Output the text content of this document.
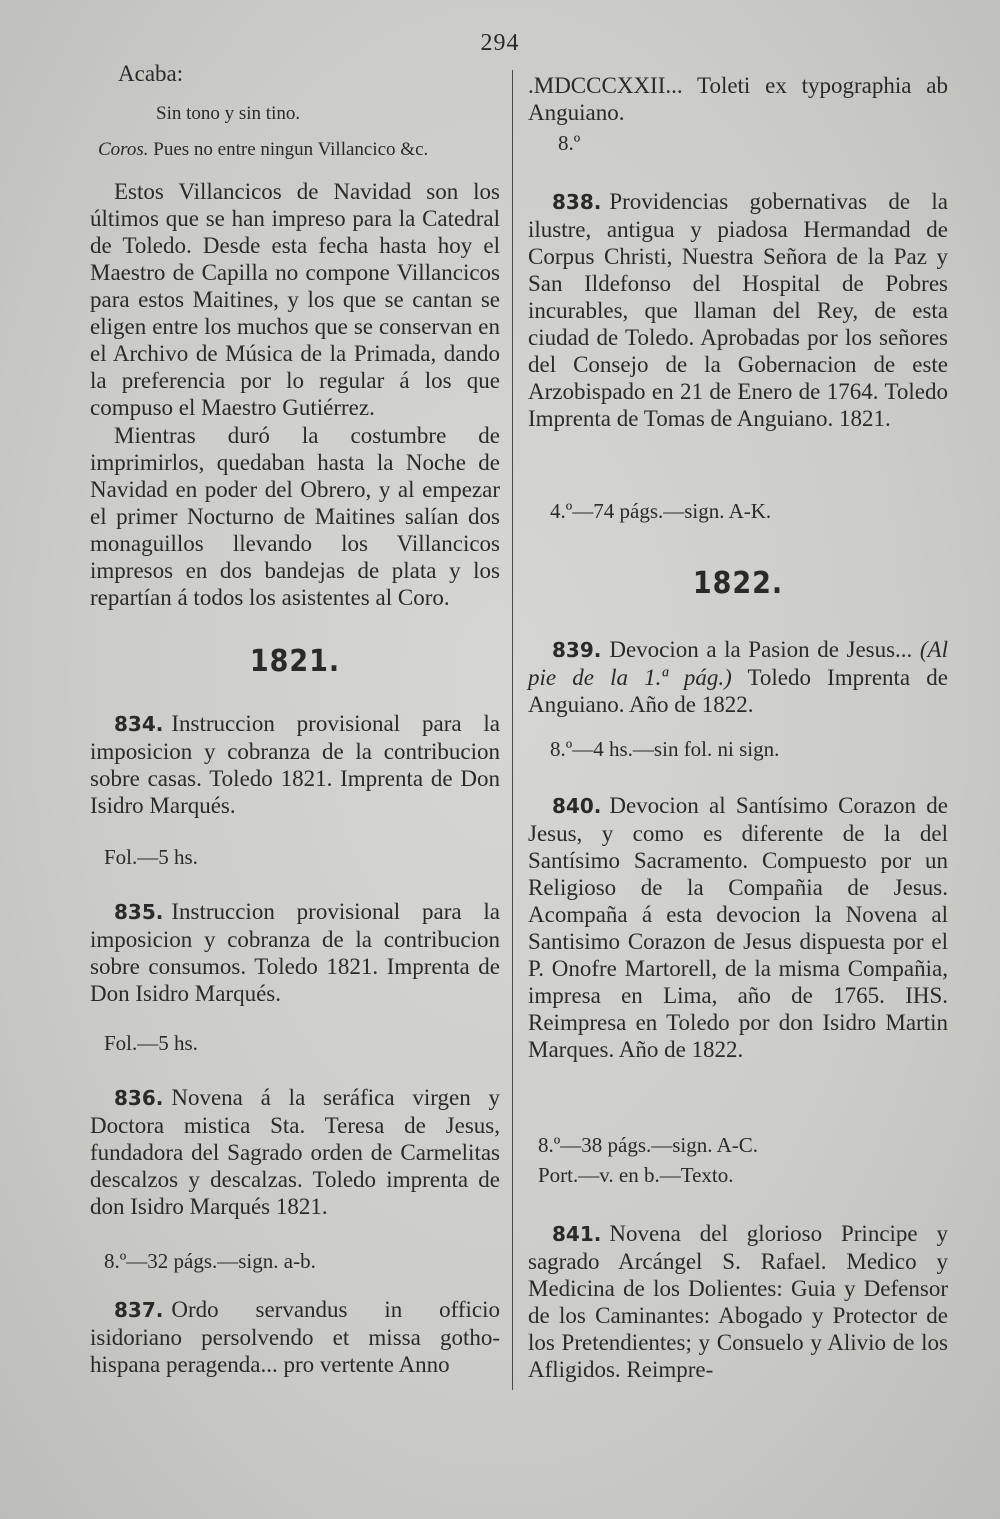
294
Acaba:
Sin tono y sin tino.
Coros. Pues no entre ningun Villancico &c.
Estos Villancicos de Navidad son los últimos que se han impreso para la Catedral de Toledo. Desde esta fecha hasta hoy el Maestro de Capilla no compone Villancicos para estos Maitines, y los que se cantan se eligen entre los muchos que se conservan en el Archivo de Música de la Primada, dando la preferencia por lo regular á los que compuso el Maestro Gutiérrez.
Mientras duró la costumbre de imprimirlos, quedaban hasta la Noche de Navidad en poder del Obrero, y al empezar el primer Nocturno de Maitines salían dos monaguillos llevando los Villancicos impresos en dos bandejas de plata y los repartían á todos los asistentes al Coro.
1821.
834. Instruccion provisional para la imposicion y cobranza de la contribucion sobre casas. Toledo 1821. Imprenta de Don Isidro Marqués.
Fol.—5 hs.
835. Instruccion provisional para la imposicion y cobranza de la contribucion sobre consumos. Toledo 1821. Imprenta de Don Isidro Marqués.
Fol.—5 hs.
836. Novena á la seráfica virgen y Doctora mistica Sta. Teresa de Jesus, fundadora del Sagrado orden de Carmelitas descalzos y descalzas. Toledo imprenta de don Isidro Marqués 1821.
8.º—32 págs.—sign. a-b.
837. Ordo servandus in officio isidoriano persolvendo et missa gotho-hispana peragenda... pro vertente Anno
.MDCCCXXII... Toleti ex typographia ab Anguiano.
8.º
838. Providencias gobernativas de la ilustre, antigua y piadosa Hermandad de Corpus Christi, Nuestra Señora de la Paz y San Ildefonso del Hospital de Pobres incurables, que llaman del Rey, de esta ciudad de Toledo. Aprobadas por los señores del Consejo de la Gobernacion de este Arzobispado en 21 de Enero de 1764. Toledo Imprenta de Tomas de Anguiano. 1821.
4.º—74 págs.—sign. A-K.
1822.
839. Devocion a la Pasion de Jesus... (Al pie de la 1.ª pág.) Toledo Imprenta de Anguiano. Año de 1822.
8.º—4 hs.—sin fol. ni sign.
840. Devocion al Santísimo Corazon de Jesus, y como es diferente de la del Santísimo Sacramento. Compuesto por un Religioso de la Compañia de Jesus. Acompaña á esta devocion la Novena al Santisimo Corazon de Jesus dispuesta por el P. Onofre Martorell, de la misma Compañia, impresa en Lima, año de 1765. IHS. Reimpresa en Toledo por don Isidro Martin Marques. Año de 1822.
8.º—38 págs.—sign. A-C.
Port.—v. en b.—Texto.
841. Novena del glorioso Principe y sagrado Arcángel S. Rafael. Medico y Medicina de los Dolientes: Guia y Defensor de los Caminantes: Abogado y Protector de los Pretendientes; y Consuelo y Alivio de los Afligidos. Reimpre-
